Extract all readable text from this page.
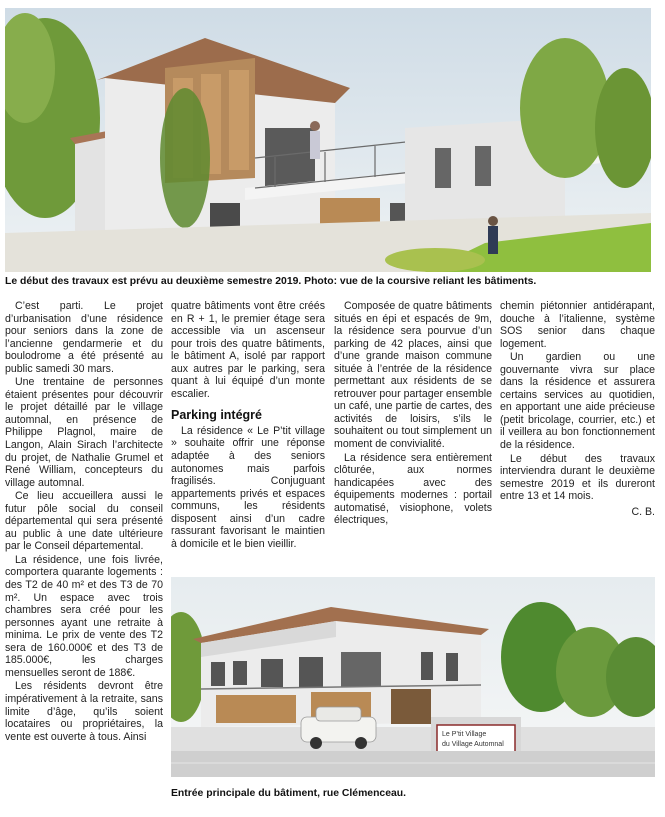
Le début des travaux est prévu au deuxième semestre 2019. Photo: vue de la coursive reliant les bâtiments.

C’est parti. Le projet d’urbanisation d’une résidence pour seniors dans la zone de l’ancienne gendarmerie et du boulodrome a été présenté au public samedi 30 mars.

Une trentaine de personnes étaient présentes pour découvrir le projet détaillé par le village automnal, en présence de Philippe Plagnol, maire de Langon, Alain Sirach l’architecte du projet, de Nathalie Grumel et René William, concepteurs du village automnal.

Ce lieu accueillera aussi le futur pôle social du conseil départemental qui sera présenté au public à une date ultérieure par le Conseil départemental.

La résidence, une fois livrée, comportera quarante logements : des T2 de 40 m² et des T3 de 70 m². Un espace avec trois chambres sera créé pour les personnes ayant une retraite à minima. Le prix de vente des T2 sera de 160.000€ et des T3 de 185.000€, les charges mensuelles seront de 188€.

Les résidents devront être impérativement à la retraite, sans limite d’âge, qu’ils soient locataires ou propriétaires, la vente est ouverte à tous. Ainsi

quatre bâtiments vont être créés en R + 1, le premier étage sera accessible via un ascenseur pour trois des quatre bâtiments, le bâtiment A, isolé par rapport aux autres par le parking, sera quant à lui équipé d’un monte escalier.

Parking intégré

La résidence « Le P’tit village » souhaite offrir une réponse adaptée à des seniors autonomes mais parfois fragilisés. Conjuguant appartements privés et espaces communs, les résidents disposent ainsi d’un cadre rassurant favorisant le maintien à domicile et le bien vieillir.

Composée de quatre bâtiments situés en épi et espacés de 9m, la résidence sera pourvue d’un parking de 42 places, ainsi que d’une grande maison commune située à l’entrée de la résidence permettant aux résidents de se retrouver pour partager ensemble un café, une partie de cartes, des activités de loisirs, s’ils le souhaitent ou tout simplement un moment de convivialité.

La résidence sera entièrement clôturée, aux normes handicapées avec des équipements modernes : portail automatisé, visiophone, volets électriques,

chemin piétonnier antidérapant, douche à l’italienne, système SOS senior dans chaque logement.

Un gardien ou une gouvernante vivra sur place dans la résidence et assurera certains services au quotidien, en apportant une aide précieuse (petit bricolage, courrier, etc.) et il veillera au bon fonctionnement de la résidence.

Le début des travaux interviendra durant le deuxième semestre 2019 et ils dureront entre 13 et 14 mois.

C. B.
Le P’tit Village
du Village Automnal
Entrée principale du bâtiment, rue Clémenceau.
